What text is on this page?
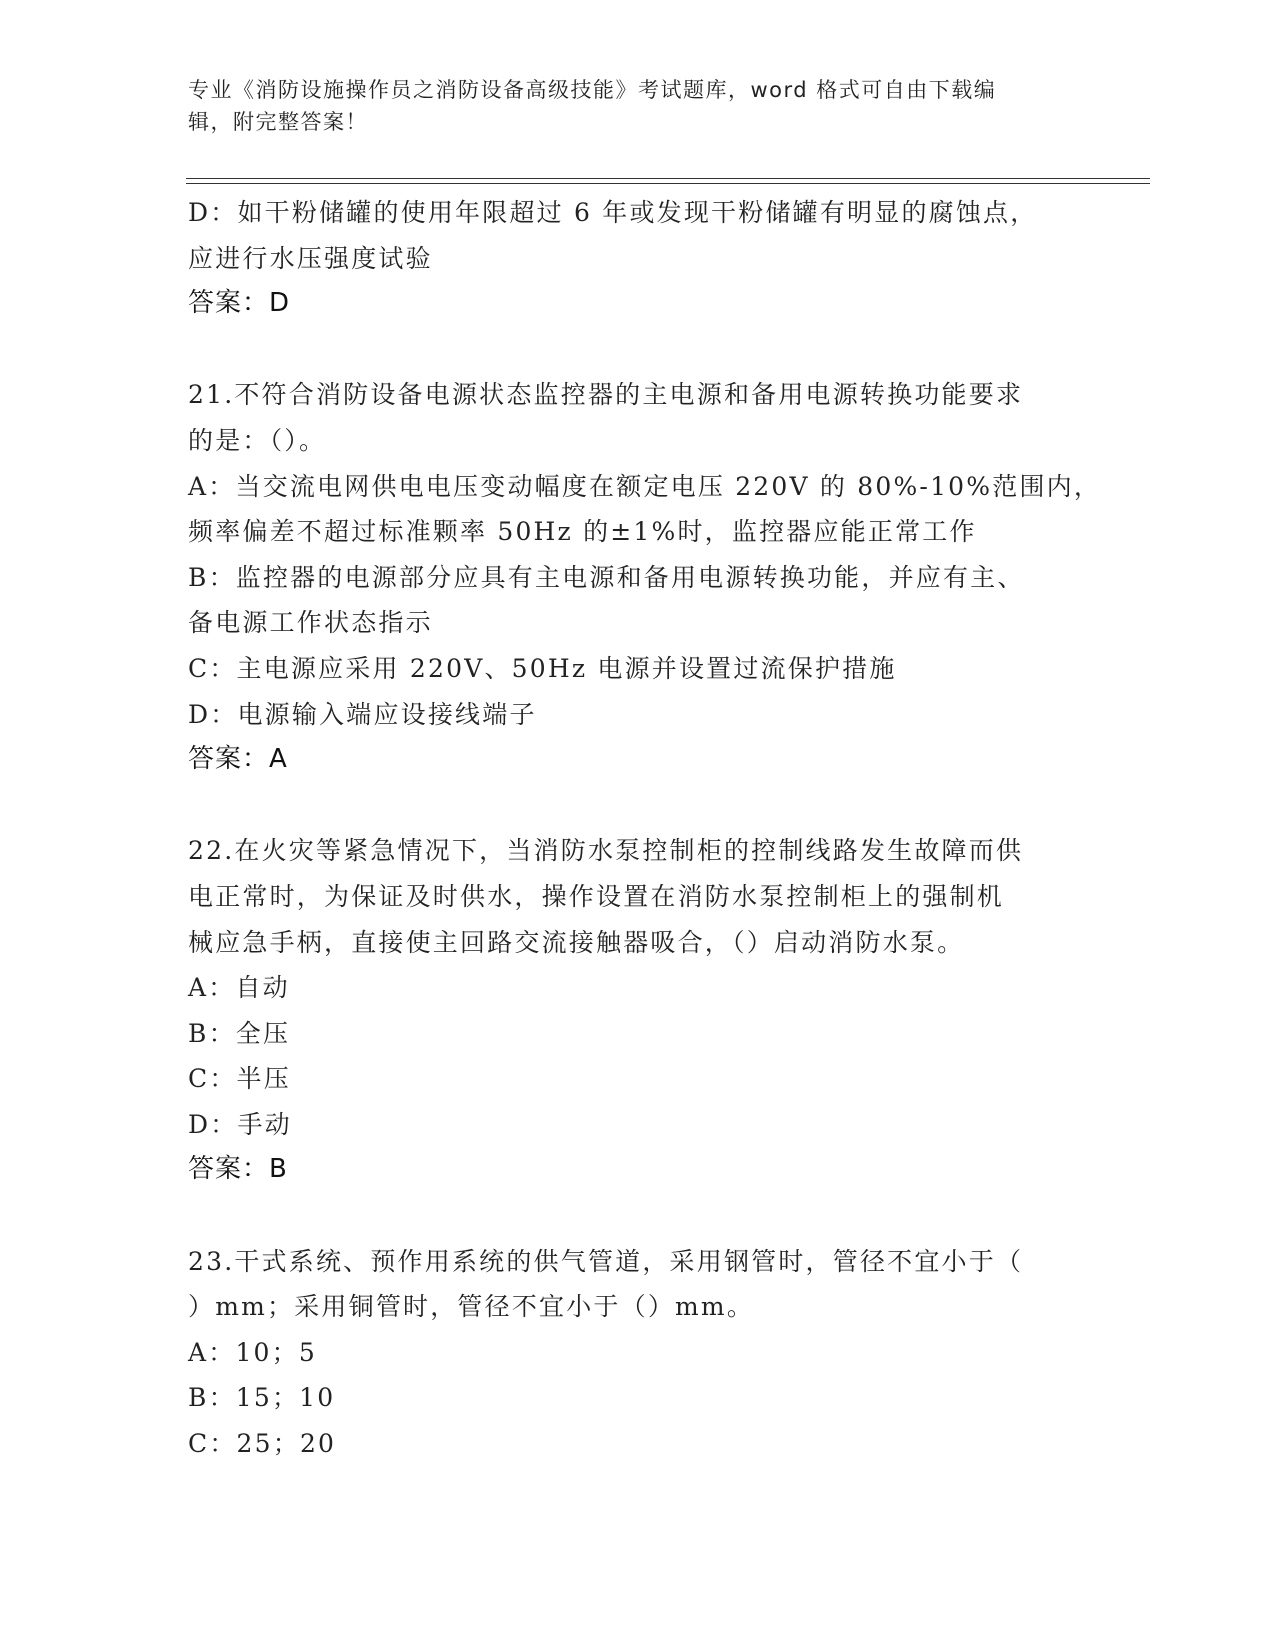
专业《消防设施操作员之消防设备高级技能》考试题库，word 格式可自由下载编
辑，附完整答案！
D：如干粉储罐的使用年限超过 6 年或发现干粉储罐有明显的腐蚀点，
应进行水压强度试验
答案：D
21.不符合消防设备电源状态监控器的主电源和备用电源转换功能要求
的是：（）。
A：当交流电网供电电压变动幅度在额定电压 220V 的 80%-10%范围内，
频率偏差不超过标准颗率 50Hz 的±1%时，监控器应能正常工作
B：监控器的电源部分应具有主电源和备用电源转换功能，并应有主、
备电源工作状态指示
C：主电源应采用 220V、50Hz 电源并设置过流保护措施
D：电源输入端应设接线端子
答案：A
22.在火灾等紧急情况下，当消防水泵控制柜的控制线路发生故障而供
电正常时，为保证及时供水，操作设置在消防水泵控制柜上的强制机
械应急手柄，直接使主回路交流接触器吸合，（）启动消防水泵。
A：自动
B：全压
C：半压
D：手动
答案：B
23.干式系统、预作用系统的供气管道，采用钢管时，管径不宜小于（
）mm；采用铜管时，管径不宜小于（）mm。
A：10；5
B：15；10
C：25；20
